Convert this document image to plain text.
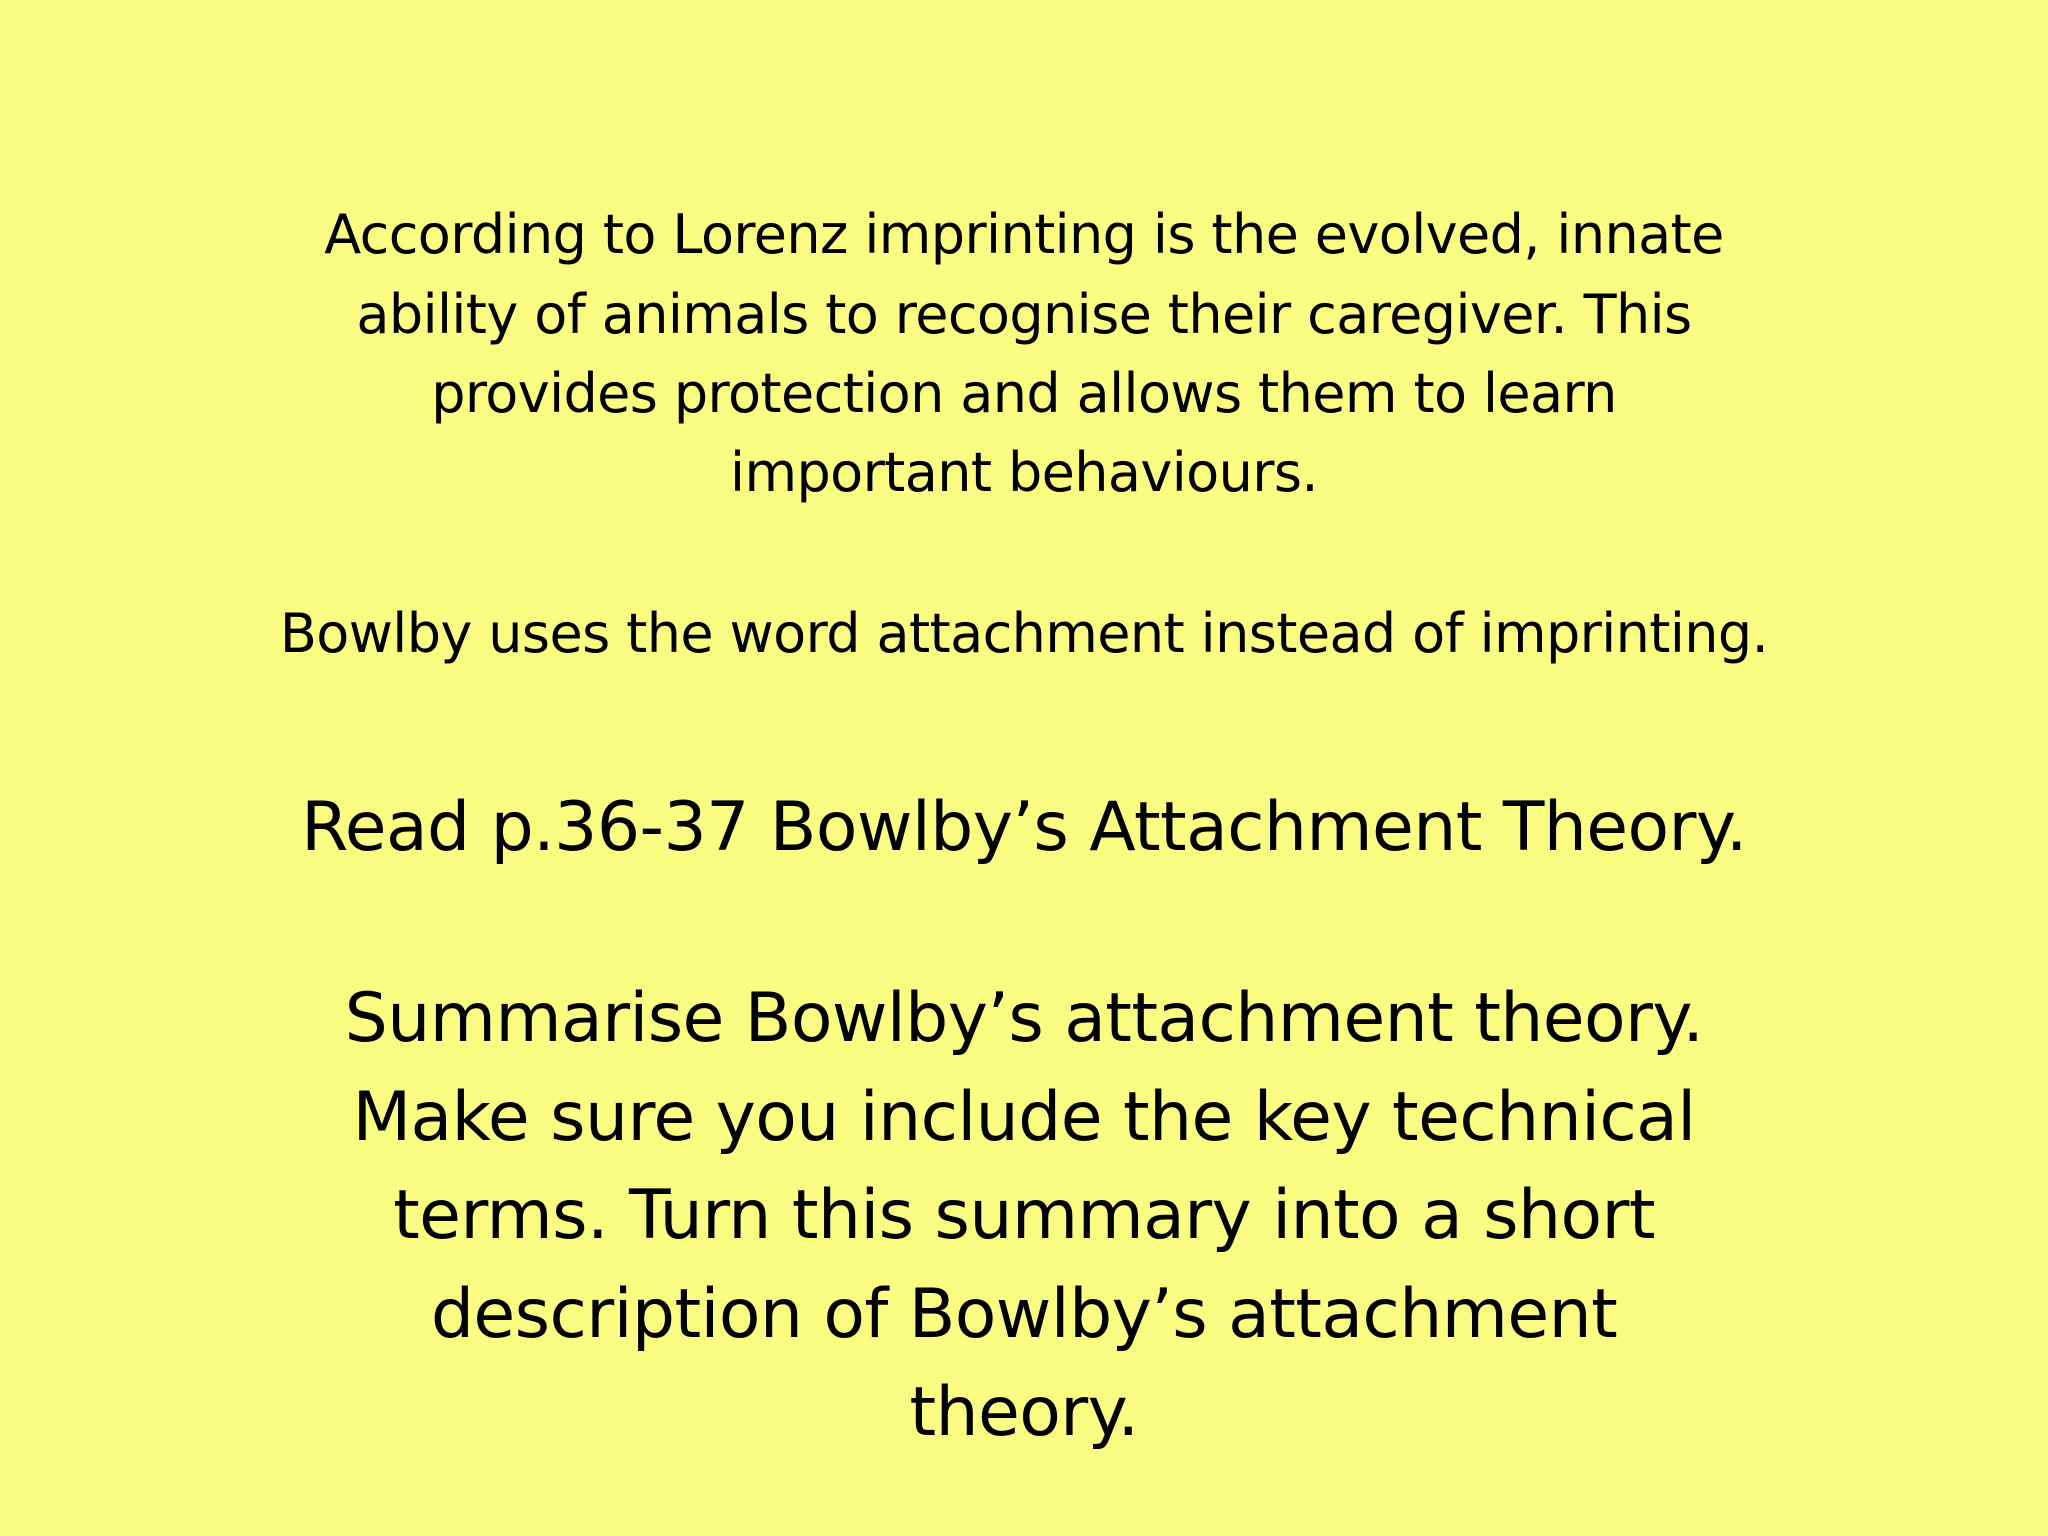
According to Lorenz imprinting is the evolved, innate
ability of animals to recognise their caregiver. This
provides protection and allows them to learn
important behaviours.
Bowlby uses the word attachment instead of imprinting.
Read p.36-37 Bowlby’s Attachment Theory.
Summarise Bowlby’s attachment theory.
Make sure you include the key technical
terms. Turn this summary into a short
description of Bowlby’s attachment
theory.
